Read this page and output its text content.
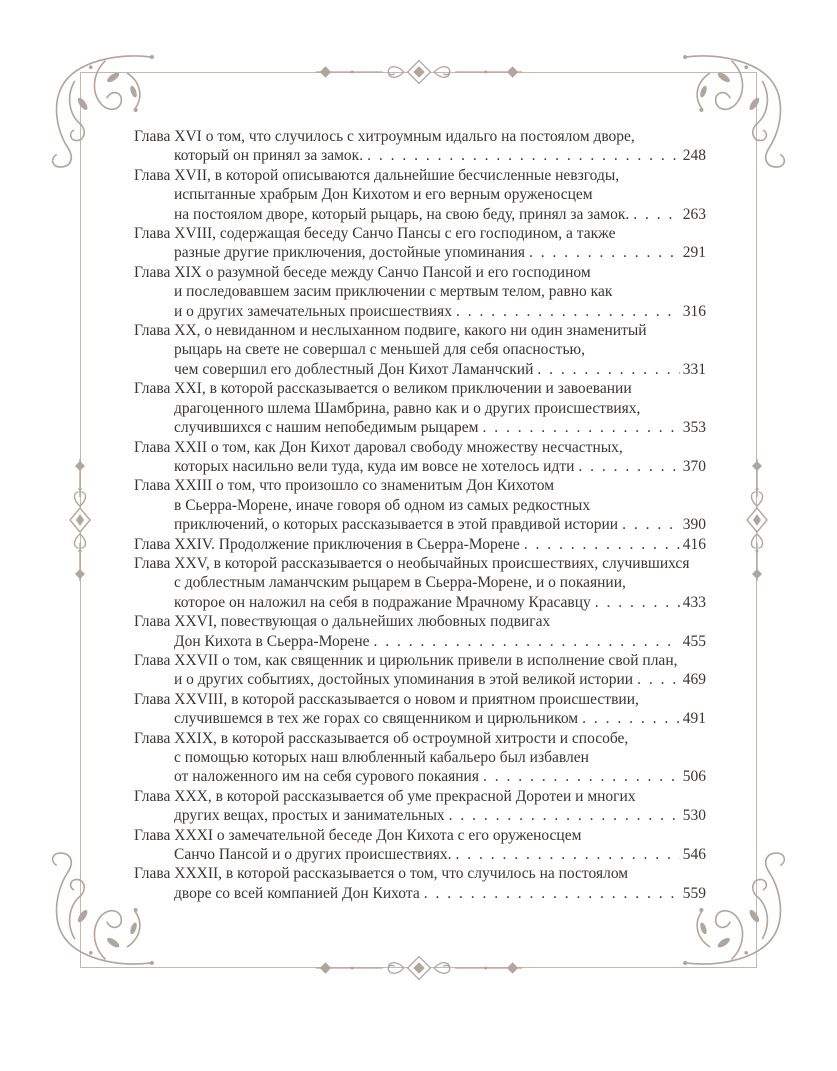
Глава XVI о том, что случилось с хитроумным идальго на постоялом дворе,
который он принял за замок. . . .	248
Глава XVII, в которой описываются дальнейшие бесчисленные невзгоды,
испытанные храбрым Дон Кихотом и его верным оруженосцем
на постоялом дворе, который рыцарь, на свою беду, принял за замок. . . .	263
Глава XVIII, содержащая беседу Санчо Пансы с его господином, а также
разные другие приключения, достойные упоминания . . .	291
Глава XIX о разумной беседе между Санчо Пансой и его господином
и последовавшем засим приключении с мертвым телом, равно как
и о других замечательных происшествиях . . .	316
Глава XX, о невиданном и неслыханном подвиге, какого ни один знаменитый
рыцарь на свете не совершал с меньшей для себя опасностью,
чем совершил его доблестный Дон Кихот Ламанчский . . .	331
Глава XXI, в которой рассказывается о великом приключении и завоевании
драгоценного шлема Шамбрина, равно как и о других происшествиях,
случившихся с нашим непобедимым рыцарем . . .	353
Глава XXII о том, как Дон Кихот даровал свободу множеству несчастных,
которых насильно вели туда, куда им вовсе не хотелось идти . . .	370
Глава XXIII о том, что произошло со знаменитым Дон Кихотом
в Сьерра-Морене, иначе говоря об одном из самых редкостных
приключений, о которых рассказывается в этой правдивой истории . . .	390
Глава XXIV. Продолжение приключения в Сьерра-Морене . . .	416
Глава XXV, в которой рассказывается о необычайных происшествиях, случившихся
с доблестным ламанчским рыцарем в Сьерра-Морене, и о покаянии,
которое он наложил на себя в подражание Мрачному Красавцу . . .	433
Глава XXVI, повествующая о дальнейших любовных подвигах
Дон Кихота в Сьерра-Морене . . .	455
Глава XXVII о том, как священник и цирюльник привели в исполнение свой план,
и о других событиях, достойных упоминания в этой великой истории . . .	469
Глава XXVIII, в которой рассказывается о новом и приятном происшествии,
случившемся в тех же горах со священником и цирюльником . . .	491
Глава XXIX, в которой рассказывается об остроумной хитрости и способе,
с помощью которых наш влюбленный кабальеро был избавлен
от наложенного им на себя сурового покаяния . . .	506
Глава XXX, в которой рассказывается об уме прекрасной Доротеи и многих
других вещах, простых и занимательных . . .	530
Глава XXXI о замечательной беседе Дон Кихота с его оруженосцем
Санчо Пансой и о других происшествиях. . . .	546
Глава XXXII, в которой рассказывается о том, что случилось на постоялом
дворе со всей компанией Дон Кихота . . .	559
